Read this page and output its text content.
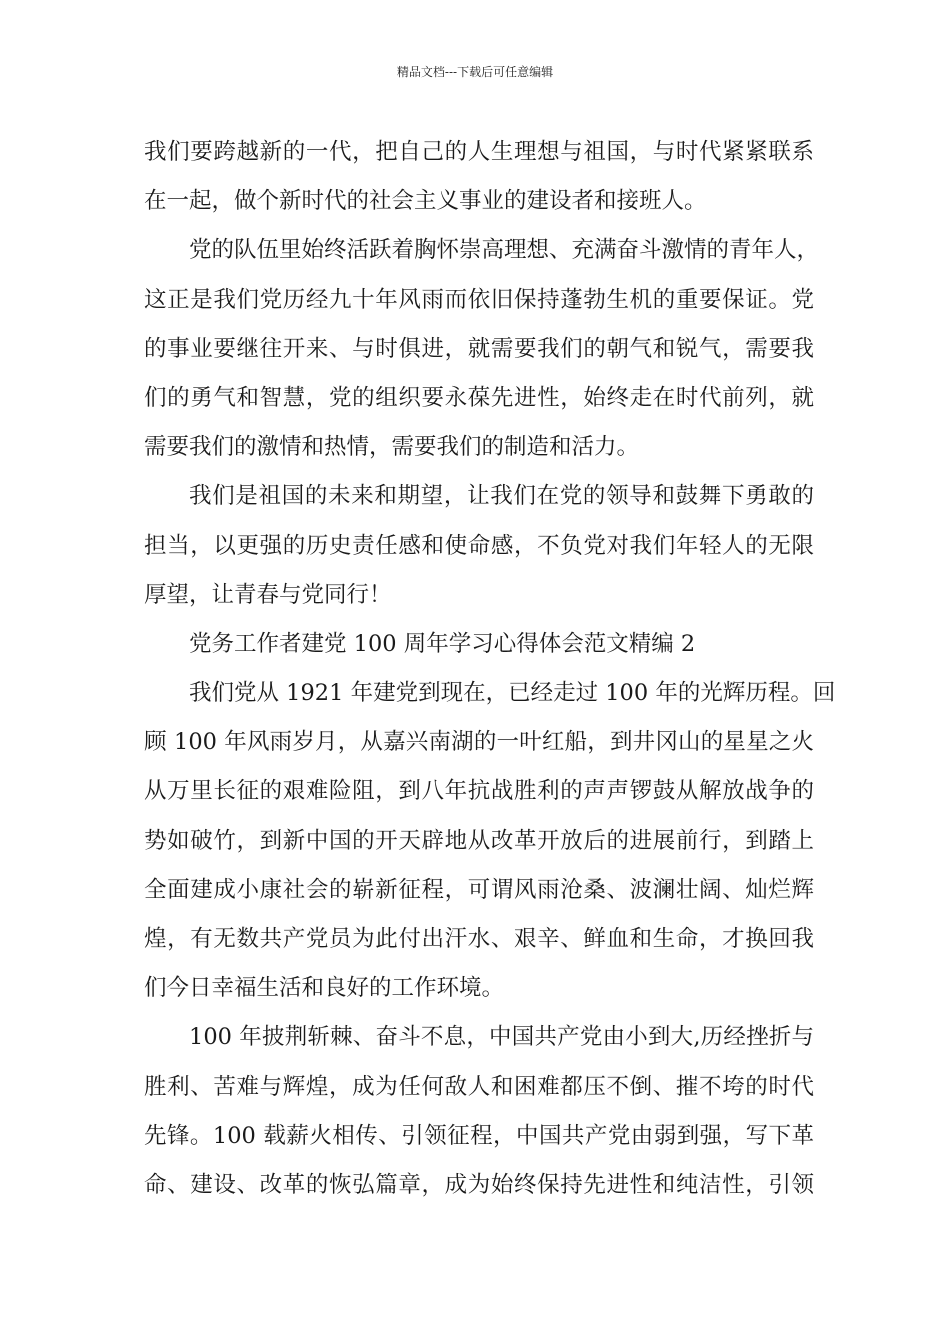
精品文档---下载后可任意编辑
我们要跨越新的一代，把自己的人生理想与祖国，与时代紧紧联系
在一起，做个新时代的社会主义事业的建设者和接班人。
党的队伍里始终活跃着胸怀崇高理想、充满奋斗激情的青年人，
这正是我们党历经九十年风雨而依旧保持蓬勃生机的重要保证。党
的事业要继往开来、与时俱进，就需要我们的朝气和锐气，需要我
们的勇气和智慧，党的组织要永葆先进性，始终走在时代前列，就
需要我们的激情和热情，需要我们的制造和活力。
我们是祖国的未来和期望，让我们在党的领导和鼓舞下勇敢的
担当，以更强的历史责任感和使命感，不负党对我们年轻人的无限
厚望，让青春与党同行！
党务工作者建党 100 周年学习心得体会范文精编 2
我们党从 1921 年建党到现在，已经走过 100 年的光辉历程。回
顾 100 年风雨岁月，从嘉兴南湖的一叶红船，到井冈山的星星之火
从万里长征的艰难险阻，到八年抗战胜利的声声锣鼓从解放战争的
势如破竹，到新中国的开天辟地从改革开放后的进展前行，到踏上
全面建成小康社会的崭新征程，可谓风雨沧桑、波澜壮阔、灿烂辉
煌，有无数共产党员为此付出汗水、艰辛、鲜血和生命，才换回我
们今日幸福生活和良好的工作环境。
100 年披荆斩棘、奋斗不息，中国共产党由小到大,历经挫折与
胜利、苦难与辉煌，成为任何敌人和困难都压不倒、摧不垮的时代
先锋。100 载薪火相传、引领征程，中国共产党由弱到强，写下革
命、建设、改革的恢弘篇章，成为始终保持先进性和纯洁性，引领
